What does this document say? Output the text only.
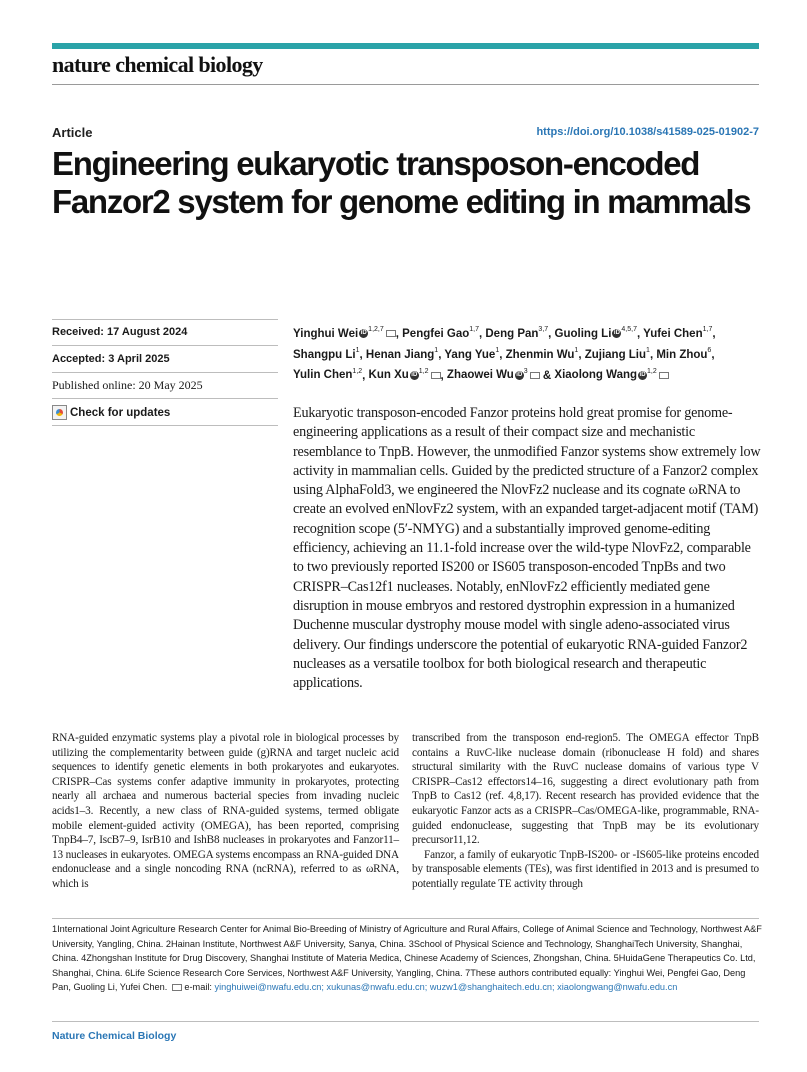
nature chemical biology
Article	https://doi.org/10.1038/s41589-025-01902-7
Engineering eukaryotic transposon-encoded Fanzor2 system for genome editing in mammals
Received: 17 August 2024
Accepted: 3 April 2025
Published online: 20 May 2025
Check for updates
Yinghui Wei iD$^{1,2,7}$ , Pengfei Gao$^{1,7}$, Deng Pan$^{3,7}$, Guoling Li iD$^{4,5,7}$, Yufei Chen$^{1,7}$, Shangpu Li$^1$, Henan Jiang$^1$, Yang Yue$^1$, Zhenmin Wu$^1$, Zujiang Liu$^1$, Min Zhou$^6$, Yulin Chen$^{1,2}$, Kun Xu iD$^{1,2}$ , Zhaowei Wu $iD^3$ & Xiaolong Wang iD$^{1,2}$

Eukaryotic transposon-encoded Fanzor proteins hold great promise for genome-engineering applications as a result of their compact size and mechanistic resemblance to TnpB. However, the unmodified Fanzor systems show extremely low activity in mammalian cells. Guided by the predicted structure of a Fanzor2 complex using AlphaFold3, we engineered the NlovFz2 nuclease and its cognate ωRNA to create an evolved enNlovFz2 system, with an expanded target-adjacent motif (TAM) recognition scope (5′-NMYG) and a substantially improved genome-editing efficiency, achieving an 11.1-fold increase over the wild-type NlovFz2, comparable to two previously reported IS200 or IS605 transposon-encoded TnpBs and two CRISPR–Cas12f1 nucleases. Notably, enNlovFz2 efficiently mediated gene disruption in mouse embryos and restored dystrophin expression in a humanized Duchenne muscular dystrophy mouse model with single adeno-associated virus delivery. Our findings underscore the potential of eukaryotic RNA-guided Fanzor2 nucleases as a versatile toolbox for both biological research and therapeutic applications.

RNA-guided enzymatic systems play a pivotal role in biological processes by utilizing the complementarity between guide (g)RNA and target nucleic acid sequences to identify genetic elements in both prokaryotes and eukaryotes. CRISPR–Cas systems confer adaptive immunity in prokaryotes, protecting nearly all archaea and numerous bacterial species from invading nucleic acids1–3. Recently, a new class of RNA-guided systems, termed obligate mobile element-guided activity (OMEGA), has been reported, comprising TnpB4–7, IscB7–9, IsrB10 and IshB8 nucleases in prokaryotes and Fanzor11–13 nucleases in eukaryotes. OMEGA systems encompass an RNA-guided DNA endonuclease and a single noncoding RNA (ncRNA), referred to as ωRNA, which is

transcribed from the transposon end-region5. The OMEGA effector TnpB contains a RuvC-like nuclease domain (ribonuclease H fold) and shares structural similarity with the RuvC nuclease domains of various type V CRISPR–Cas12 effectors14–16, suggesting a direct evolutionary path from TnpB to Cas12 (ref. 4,8,17). Recent research has provided evidence that the eukaryotic Fanzor acts as a CRISPR–Cas/OMEGA-like, programmable, RNA-guided endonuclease, suggesting that TnpB may be its evolutionary precursor11,12.

Fanzor, a family of eukaryotic TnpB-IS200- or -IS605-like proteins encoded by transposable elements (TEs), was first identified in 2013 and is presumed to potentially regulate TE activity through

1International Joint Agriculture Research Center for Animal Bio-Breeding of Ministry of Agriculture and Rural Affairs, College of Animal Science and Technology, Northwest A&F University, Yangling, China. 2Hainan Institute, Northwest A&F University, Sanya, China. 3School of Physical Science and Technology, ShanghaiTech University, Shanghai, China. 4Zhongshan Institute for Drug Discovery, Shanghai Institute of Materia Medica, Chinese Academy of Sciences, Zhongshan, China. 5HuidaGene Therapeutics Co. Ltd, Shanghai, China. 6Life Science Research Core Services, Northwest A&F University, Yangling, China. 7These authors contributed equally: Yinghui Wei, Pengfei Gao, Deng Pan, Guoling Li, Yufei Chen. e-mail: yinghuiwei@nwafu.edu.cn; xukunas@nwafu.edu.cn; wuzw1@shanghaitech.edu.cn; xiaolongwang@nwafu.edu.cn

Nature Chemical Biology
